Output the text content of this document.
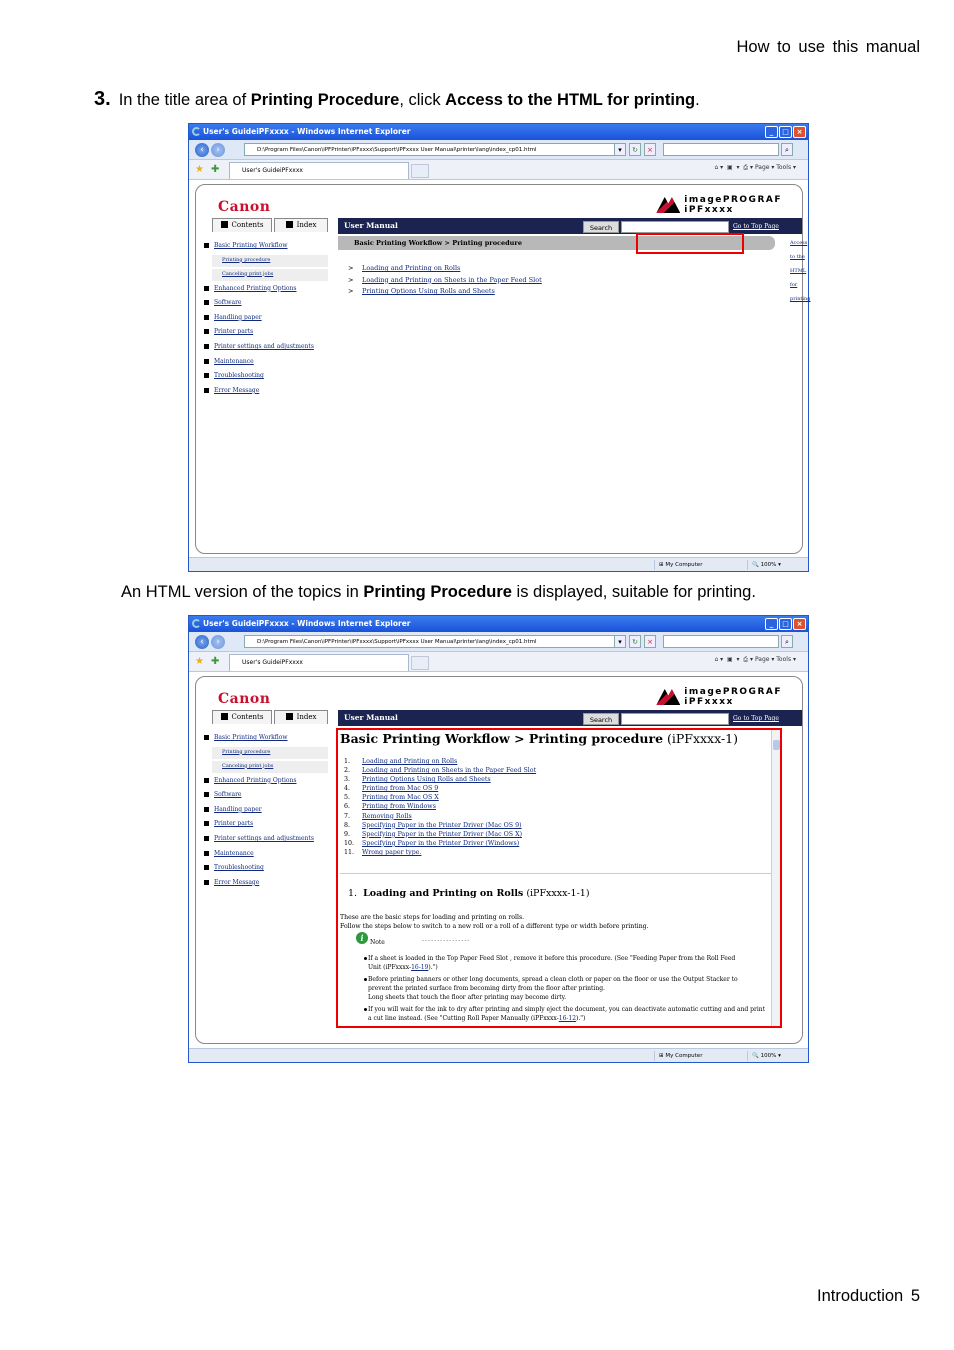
How to use this manual
3. In the title area of Printing Procedure, click Access to the HTML for printing.
User's GuideiPFxxxx - Windows Internet Explorer	_	□	×
‹	›	D:\Program Files\Canon\iPFPrinter\iPFxxxx\Support\iPFxxxx User Manual\printer\lang\index_cp01.html	▾	↻	×	⌕
★ ✚	User's GuideiPFxxxx	⌂ ▾  ▣  ▾  ⎙ ▾ Page ▾ Tools ▾
Canon	imagePROGRAF
iPFxxxx
Contents	Index	User Manual	Search	Go to Top Page
Basic Printing Workflow
Printing procedure
Canceling print jobs
Enhanced Printing Options
Software
Handling paper
Printer parts
Printer settings and adjustments
Maintenance
Troubleshooting
Error Message
Basic Printing Workflow > Printing procedure	Access to the HTML for printing
> Loading and Printing on Rolls
> Loading and Printing on Sheets in the Paper Feed Slot
> Printing Options Using Rolls and Sheets
⊞ My Computer	🔍 100% ▾
An HTML version of the topics in Printing Procedure is displayed, suitable for printing.
User's GuideiPFxxxx - Windows Internet Explorer	_	□	×
‹	›	D:\Program Files\Canon\iPFPrinter\iPFxxxx\Support\iPFxxxx User Manual\printer\lang\index_cp01.html	▾	↻	×	⌕
★ ✚	User's GuideiPFxxxx	⌂ ▾  ▣  ▾  ⎙ ▾ Page ▾ Tools ▾
Canon	imagePROGRAF
iPFxxxx
Contents	Index	User Manual	Search	Go to Top Page
Basic Printing Workflow
Printing procedure
Canceling print jobs
Enhanced Printing Options
Software
Handling paper
Printer parts
Printer settings and adjustments
Maintenance
Troubleshooting
Error Message
Basic Printing Workflow > Printing procedure (iPFxxxx-1)
1. Loading and Printing on Rolls
2. Loading and Printing on Sheets in the Paper Feed Slot
3. Printing Options Using Rolls and Sheets
4. Printing from Mac OS 9
5. Printing from Mac OS X
6. Printing from Windows
7. Removing Rolls
8. Specifying Paper in the Printer Driver (Mac OS 9)
9. Specifying Paper in the Printer Driver (Mac OS X)
10. Specifying Paper in the Printer Driver (Windows)
11. Wrong paper type.
1. Loading and Printing on Rolls (iPFxxxx-1-1)
These are the basic steps for loading and printing on rolls.
Follow the steps below to switch to a new roll or a roll of a different type or width before printing.
i	Note	----------------
If a sheet is loaded in the Top Paper Feed Slot , remove it before this procedure. (See "Feeding Paper from the Roll Feed
Unit (iPFxxxx-16-19).")
Before printing banners or other long documents, spread a clean cloth or paper on the floor or use the Output Stacker to
prevent the printed surface from becoming dirty from the floor after printing.
Long sheets that touch the floor after printing may become dirty.
If you will wait for the ink to dry after printing and simply eject the document, you can deactivate automatic cutting and and print
a cut line instead. (See "Cutting Roll Paper Manually (iPFxxxx-16-12).")
⊞ My Computer	🔍 100% ▾
Introduction 5
